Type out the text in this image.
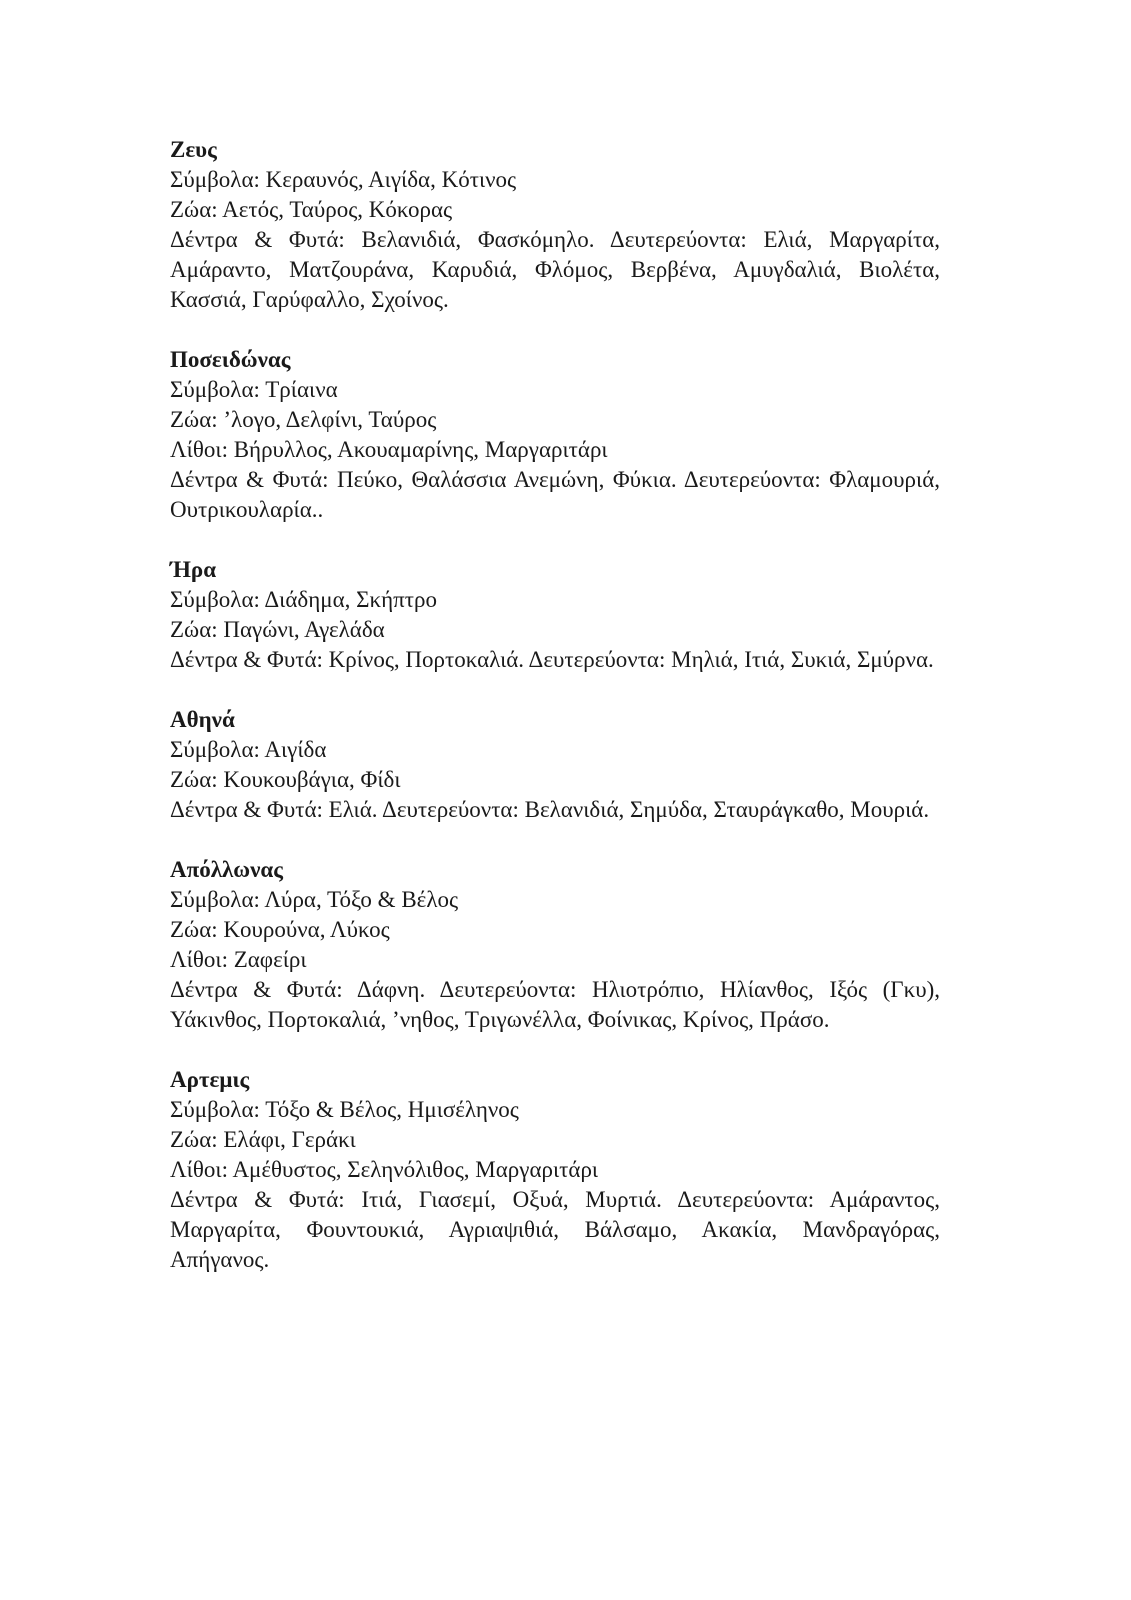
Ζευς

Σύμβολα: Κεραυνός, Αιγίδα, Κότινος

Ζώα: Αετός, Ταύρος, Κόκορας

Δέντρα & Φυτά: Βελανιδιά, Φασκόμηλο. Δευτερεύοντα: Ελιά, Μαργαρίτα, Αμάραντο, Ματζουράνα, Καρυδιά, Φλόμος, Βερβένα, Αμυγδαλιά, Βιολέτα, Κασσιά, Γαρύφαλλο, Σχοίνος.

Ποσειδώνας

Σύμβολα: Τρίαινα

Ζώα: ’λογο, Δελφίνι, Ταύρος

Λίθοι: Βήρυλλος, Ακουαμαρίνης, Μαργαριτάρι

Δέντρα & Φυτά: Πεύκο, Θαλάσσια Ανεμώνη, Φύκια. Δευτερεύοντα: Φλαμουριά, Ουτρικουλαρία..

Ήρα

Σύμβολα: Διάδημα, Σκήπτρο

Ζώα: Παγώνι, Αγελάδα

Δέντρα & Φυτά: Κρίνος, Πορτοκαλιά. Δευτερεύοντα: Μηλιά, Ιτιά, Συκιά, Σμύρνα.

Αθηνά

Σύμβολα: Αιγίδα

Ζώα: Κουκουβάγια, Φίδι

Δέντρα & Φυτά: Ελιά. Δευτερεύοντα: Βελανιδιά, Σημύδα, Σταυράγκαθο, Μουριά.

Απόλλωνας

Σύμβολα: Λύρα, Τόξο & Βέλος

Ζώα: Κουρούνα, Λύκος

Λίθοι: Ζαφείρι

Δέντρα & Φυτά: Δάφνη. Δευτερεύοντα: Ηλιοτρόπιο, Ηλίανθος, Ιξός (Γκυ), Υάκινθος, Πορτοκαλιά, ’νηθος, Τριγωνέλλα, Φοίνικας, Κρίνος, Πράσο.

Αρτεμις

Σύμβολα: Τόξο & Βέλος, Ημισέληνος

Ζώα: Ελάφι, Γεράκι

Λίθοι: Αμέθυστος, Σεληνόλιθος, Μαργαριτάρι

Δέντρα & Φυτά: Ιτιά, Γιασεμί, Οξυά, Μυρτιά. Δευτερεύοντα: Αμάραντος, Μαργαρίτα, Φουντουκιά, Αγριαψιθιά, Βάλσαμο, Ακακία, Μανδραγόρας, Απήγανος.
